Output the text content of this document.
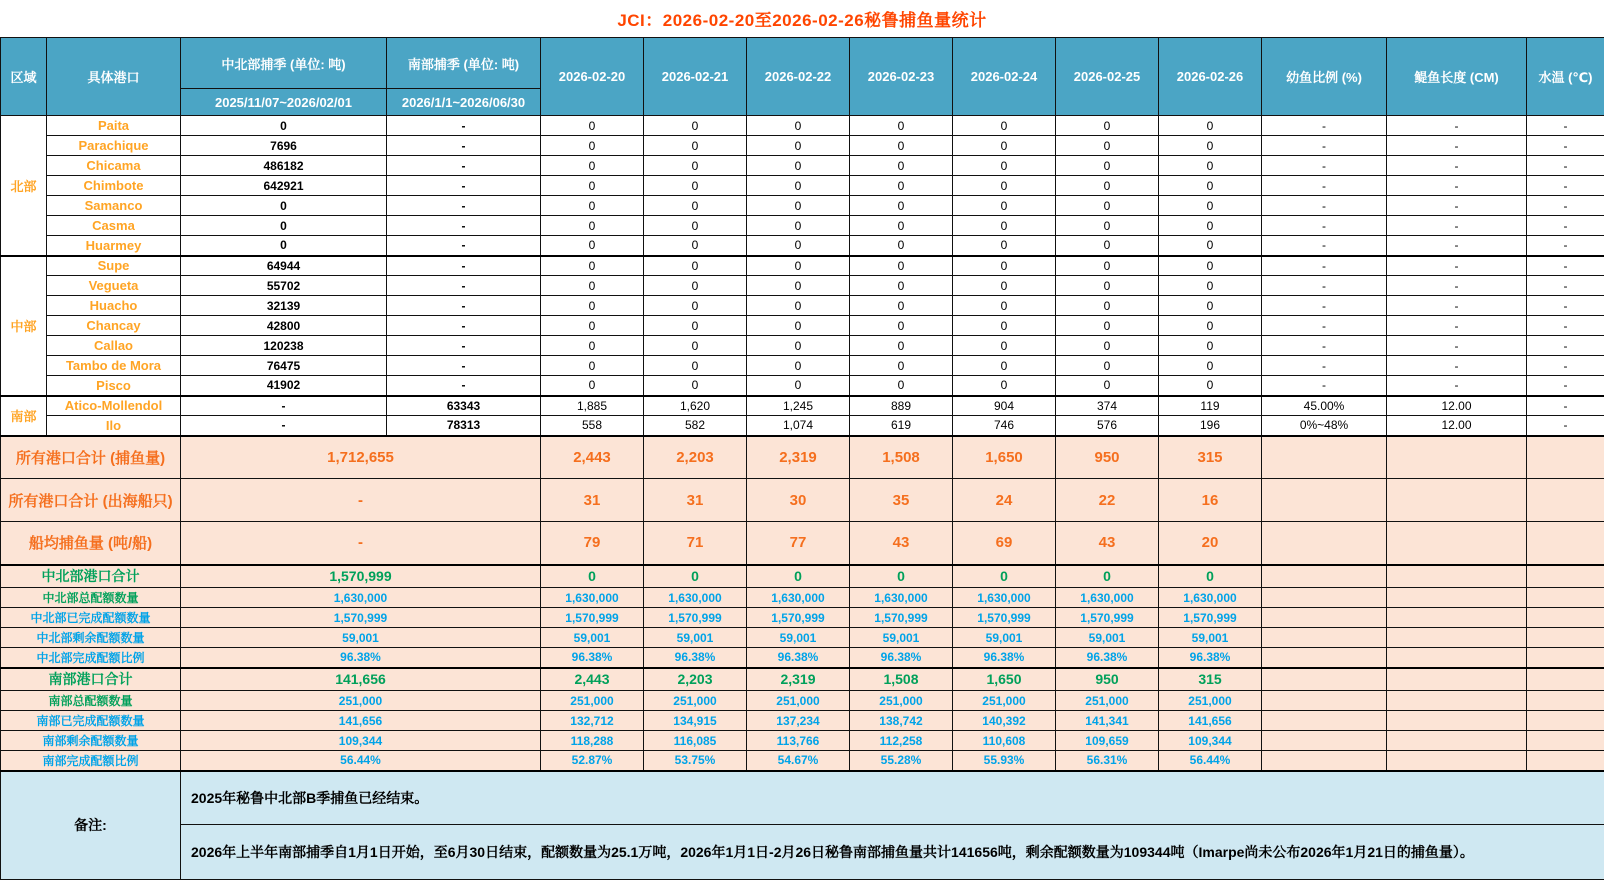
JCI：2026-02-20至2026-02-26秘鲁捕鱼量统计
区域	具体港口	中北部捕季 (单位: 吨)	南部捕季 (单位: 吨)	2026-02-20	2026-02-21	2026-02-22	2026-02-23	2026-02-24	2026-02-25	2026-02-26	幼鱼比例 (%)	鳀鱼长度 (CM)	水温 (℃)
		2025/11/07~2026/02/01	2026/1/1~2026/06/30										
北部	Paita	0	-	0	0	0	0	0	0	0	-	-	-
	Parachique	7696	-	0	0	0	0	0	0	0	-	-	-
	Chicama	486182	-	0	0	0	0	0	0	0	-	-	-
	Chimbote	642921	-	0	0	0	0	0	0	0	-	-	-
	Samanco	0	-	0	0	0	0	0	0	0	-	-	-
	Casma	0	-	0	0	0	0	0	0	0	-	-	-
	Huarmey	0	-	0	0	0	0	0	0	0	-	-	-
中部	Supe	64944	-	0	0	0	0	0	0	0	-	-	-
	Vegueta	55702	-	0	0	0	0	0	0	0	-	-	-
	Huacho	32139	-	0	0	0	0	0	0	0	-	-	-
	Chancay	42800	-	0	0	0	0	0	0	0	-	-	-
	Callao	120238	-	0	0	0	0	0	0	0	-	-	-
	Tambo de Mora	76475	-	0	0	0	0	0	0	0	-	-	-
	Pisco	41902	-	0	0	0	0	0	0	0	-	-	-
南部	Atico-Mollendol	-	63343	1,885	1,620	1,245	889	904	374	119	45.00%	12.00	-
	Ilo	-	78313	558	582	1,074	619	746	576	196	0%~48%	12.00	-
所有港口合计 (捕鱼量)		1,712,655		2,443	2,203	2,319	1,508	1,650	950	315			
所有港口合计 (出海船只)		-		31	31	30	35	24	22	16			
船均捕鱼量 (吨/船)		-		79	71	77	43	69	43	20			
中北部港口合计		1,570,999		0	0	0	0	0	0	0			
中北部总配额数量		1,630,000		1,630,000	1,630,000	1,630,000	1,630,000	1,630,000	1,630,000	1,630,000			
中北部已完成配额数量		1,570,999		1,570,999	1,570,999	1,570,999	1,570,999	1,570,999	1,570,999	1,570,999			
中北部剩余配额数量		59,001		59,001	59,001	59,001	59,001	59,001	59,001	59,001			
中北部完成配额比例		96.38%		96.38%	96.38%	96.38%	96.38%	96.38%	96.38%	96.38%			
南部港口合计		141,656		2,443	2,203	2,319	1,508	1,650	950	315			
南部总配额数量		251,000		251,000	251,000	251,000	251,000	251,000	251,000	251,000			
南部已完成配额数量		141,656		132,712	134,915	137,234	138,742	140,392	141,341	141,656			
南部剩余配额数量		109,344		118,288	116,085	113,766	112,258	110,608	109,659	109,344			
南部完成配额比例		56.44%		52.87%	53.75%	54.67%	55.28%	55.93%	56.31%	56.44%			
备注:		2025年秘鲁中北部B季捕鱼已经结束。											
		2026年上半年南部捕季自1月1日开始，至6月30日结束，配额数量为25.1万吨，2026年1月1日-2月26日秘鲁南部捕鱼量共计141656吨，剩余配额数量为109344吨（Imarpe尚未公布2026年1月21日的捕鱼量）。											
